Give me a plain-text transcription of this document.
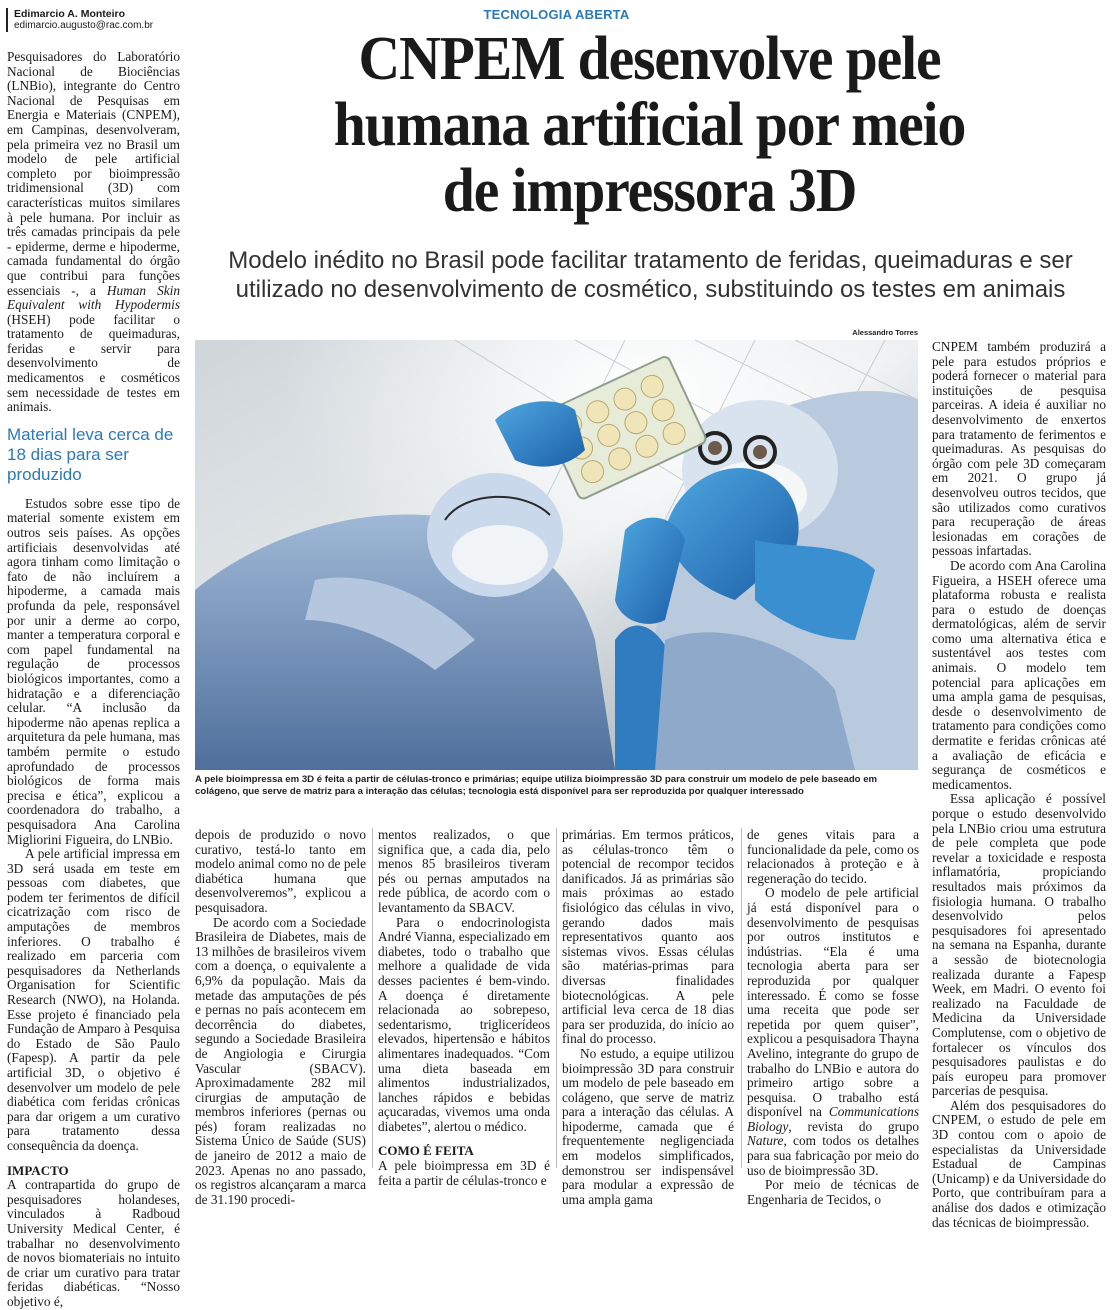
Edimarcio A. Monteiro
edimarcio.augusto@rac.com.br
TECNOLOGIA ABERTA
CNPEM desenvolve pele
humana artificial por meio
de impressora 3D
Modelo inédito no Brasil pode facilitar tratamento de feridas, queimaduras e ser
utilizado no desenvolvimento de cosmético, substituindo os testes em animais

Pesquisadores do Laboratório Nacional de Biociências (LNBio), integrante do Centro Nacional de Pesquisas em Energia e Materiais (CNPEM), em Campinas, desenvolveram, pela primeira vez no Brasil um modelo de pele artificial completo por bioimpressão tridimensional (3D) com características muitos similares à pele humana. Por incluir as três camadas principais da pele - epiderme, derme e hipoderme, camada fundamental do órgão que contribui para funções essenciais -, a Human Skin Equivalent with Hypodermis (HSEH) pode facilitar o tratamento de queimaduras, feridas e servir para desenvolvimento de medicamentos e cosméticos sem necessidade de testes em animais.

Material leva cerca de 18 dias para ser produzido

Estudos sobre esse tipo de material somente existem em outros seis países. As opções artificiais desenvolvidas até agora tinham como limitação o fato de não incluírem a hipoderme, a camada mais profunda da pele, responsável por unir a derme ao corpo, manter a temperatura corporal e com papel fundamental na regulação de processos biológicos importantes, como a hidratação e a diferenciação celular. “A inclusão da hipoderme não apenas replica a arquitetura da pele humana, mas também permite o estudo aprofundado de processos biológicos de forma mais precisa e ética”, explicou a coordenadora do trabalho, a pesquisadora Ana Carolina Migliorini Figueira, do LNBio.

A pele artificial impressa em 3D será usada em teste em pessoas com diabetes, que podem ter ferimentos de difícil cicatrização com risco de amputações de membros inferiores. O trabalho é realizado em parceria com pesquisadores da Netherlands Organisation for Scientific Research (NWO), na Holanda. Esse projeto é financiado pela Fundação de Amparo à Pesquisa do Estado de São Paulo (Fapesp). A partir da pele artificial 3D, o objetivo é desenvolver um modelo de pele diabética com feridas crônicas para dar origem a um curativo para tratamento dessa consequência da doença.

IMPACTO

A contrapartida do grupo de pesquisadores holandeses, vinculados à Radboud University Medical Center, é trabalhar no desenvolvimento de novos biomateriais no intuito de criar um curativo para tratar feridas diabéticas. “Nosso objetivo é,

Alessandro Torres
A pele bioimpressa em 3D é feita a partir de células-tronco e primárias; equipe utiliza bioimpressão 3D para construir um modelo de pele baseado em colágeno, que serve de matriz para a interação das células; tecnologia está disponível para ser reproduzida por qualquer interessado

depois de produzido o novo curativo, testá-lo tanto em modelo animal como no de pele diabética humana que desenvolveremos”, explicou a pesquisadora.

De acordo com a Sociedade Brasileira de Diabetes, mais de 13 milhões de brasileiros vivem com a doença, o equivalente a 6,9% da população. Mais da metade das amputações de pés e pernas no país acontecem em decorrência do diabetes, segundo a Sociedade Brasileira de Angiologia e Cirurgia Vascular (SBACV). Aproximadamente 282 mil cirurgias de amputação de membros inferiores (pernas ou pés) foram realizadas no Sistema Único de Saúde (SUS) de janeiro de 2012 a maio de 2023. Apenas no ano passado, os registros alcançaram a marca de 31.190 procedi-

mentos realizados, o que significa que, a cada dia, pelo menos 85 brasileiros tiveram pés ou pernas amputados na rede pública, de acordo com o levantamento da SBACV.

Para o endocrinologista André Vianna, especializado em diabetes, todo o trabalho que melhore a qualidade de vida desses pacientes é bem-vindo. A doença é diretamente relacionada ao sobrepeso, sedentarismo, triglicerídeos elevados, hipertensão e hábitos alimentares inadequados. “Com uma dieta baseada em alimentos industrializados, lanches rápidos e bebidas açucaradas, vivemos uma onda diabetes”, alertou o médico.

COMO É FEITA

A pele bioimpressa em 3D é feita a partir de células-tronco e

primárias. Em termos práticos, as células-tronco têm o potencial de recompor tecidos danificados. Já as primárias são mais próximas ao estado fisiológico das células in vivo, gerando dados mais representativos quanto aos sistemas vivos. Essas células são matérias-primas para diversas finalidades biotecnológicas. A pele artificial leva cerca de 18 dias para ser produzida, do início ao final do processo.

No estudo, a equipe utilizou bioimpressão 3D para construir um modelo de pele baseado em colágeno, que serve de matriz para a interação das células. A hipoderme, camada que é frequentemente negligenciada em modelos simplificados, demonstrou ser indispensável para modular a expressão de uma ampla gama

de genes vitais para a funcionalidade da pele, como os relacionados à proteção e à regeneração do tecido.

O modelo de pele artificial já está disponível para o desenvolvimento de pesquisas por outros institutos e indústrias. “Ela é uma tecnologia aberta para ser reproduzida por qualquer interessado. É como se fosse uma receita que pode ser repetida por quem quiser”, explicou a pesquisadora Thayna Avelino, integrante do grupo de trabalho do LNBio e autora do primeiro artigo sobre a pesquisa. O trabalho está disponível na Communications Biology, revista do grupo Nature, com todos os detalhes para sua fabricação por meio do uso de bioimpressão 3D.

Por meio de técnicas de Engenharia de Tecidos, o

CNPEM também produzirá a pele para estudos próprios e poderá fornecer o material para instituições de pesquisa parceiras. A ideia é auxiliar no desenvolvimento de enxertos para tratamento de ferimentos e queimaduras. As pesquisas do órgão com pele 3D começaram em 2021. O grupo já desenvolveu outros tecidos, que são utilizados como curativos para recuperação de áreas lesionadas em corações de pessoas infartadas.

De acordo com Ana Carolina Figueira, a HSEH oferece uma plataforma robusta e realista para o estudo de doenças dermatológicas, além de servir como uma alternativa ética e sustentável aos testes com animais. O modelo tem potencial para aplicações em uma ampla gama de pesquisas, desde o desenvolvimento de tratamento para condições como dermatite e feridas crônicas até a avaliação de eficácia e segurança de cosméticos e medicamentos.

Essa aplicação é possível porque o estudo desenvolvido pela LNBio criou uma estrutura de pele completa que pode revelar a toxicidade e resposta inflamatória, propiciando resultados mais próximos da fisiologia humana. O trabalho desenvolvido pelos pesquisadores foi apresentado na semana na Espanha, durante a sessão de biotecnologia realizada durante a Fapesp Week, em Madri. O evento foi realizado na Faculdade de Medicina da Universidade Complutense, com o objetivo de fortalecer os vínculos dos pesquisadores paulistas e do país europeu para promover parcerias de pesquisa.

Além dos pesquisadores do CNPEM, o estudo de pele em 3D contou com o apoio de especialistas da Universidade Estadual de Campinas (Unicamp) e da Universidade do Porto, que contribuíram para a análise dos dados e otimização das técnicas de bioimpressão.
